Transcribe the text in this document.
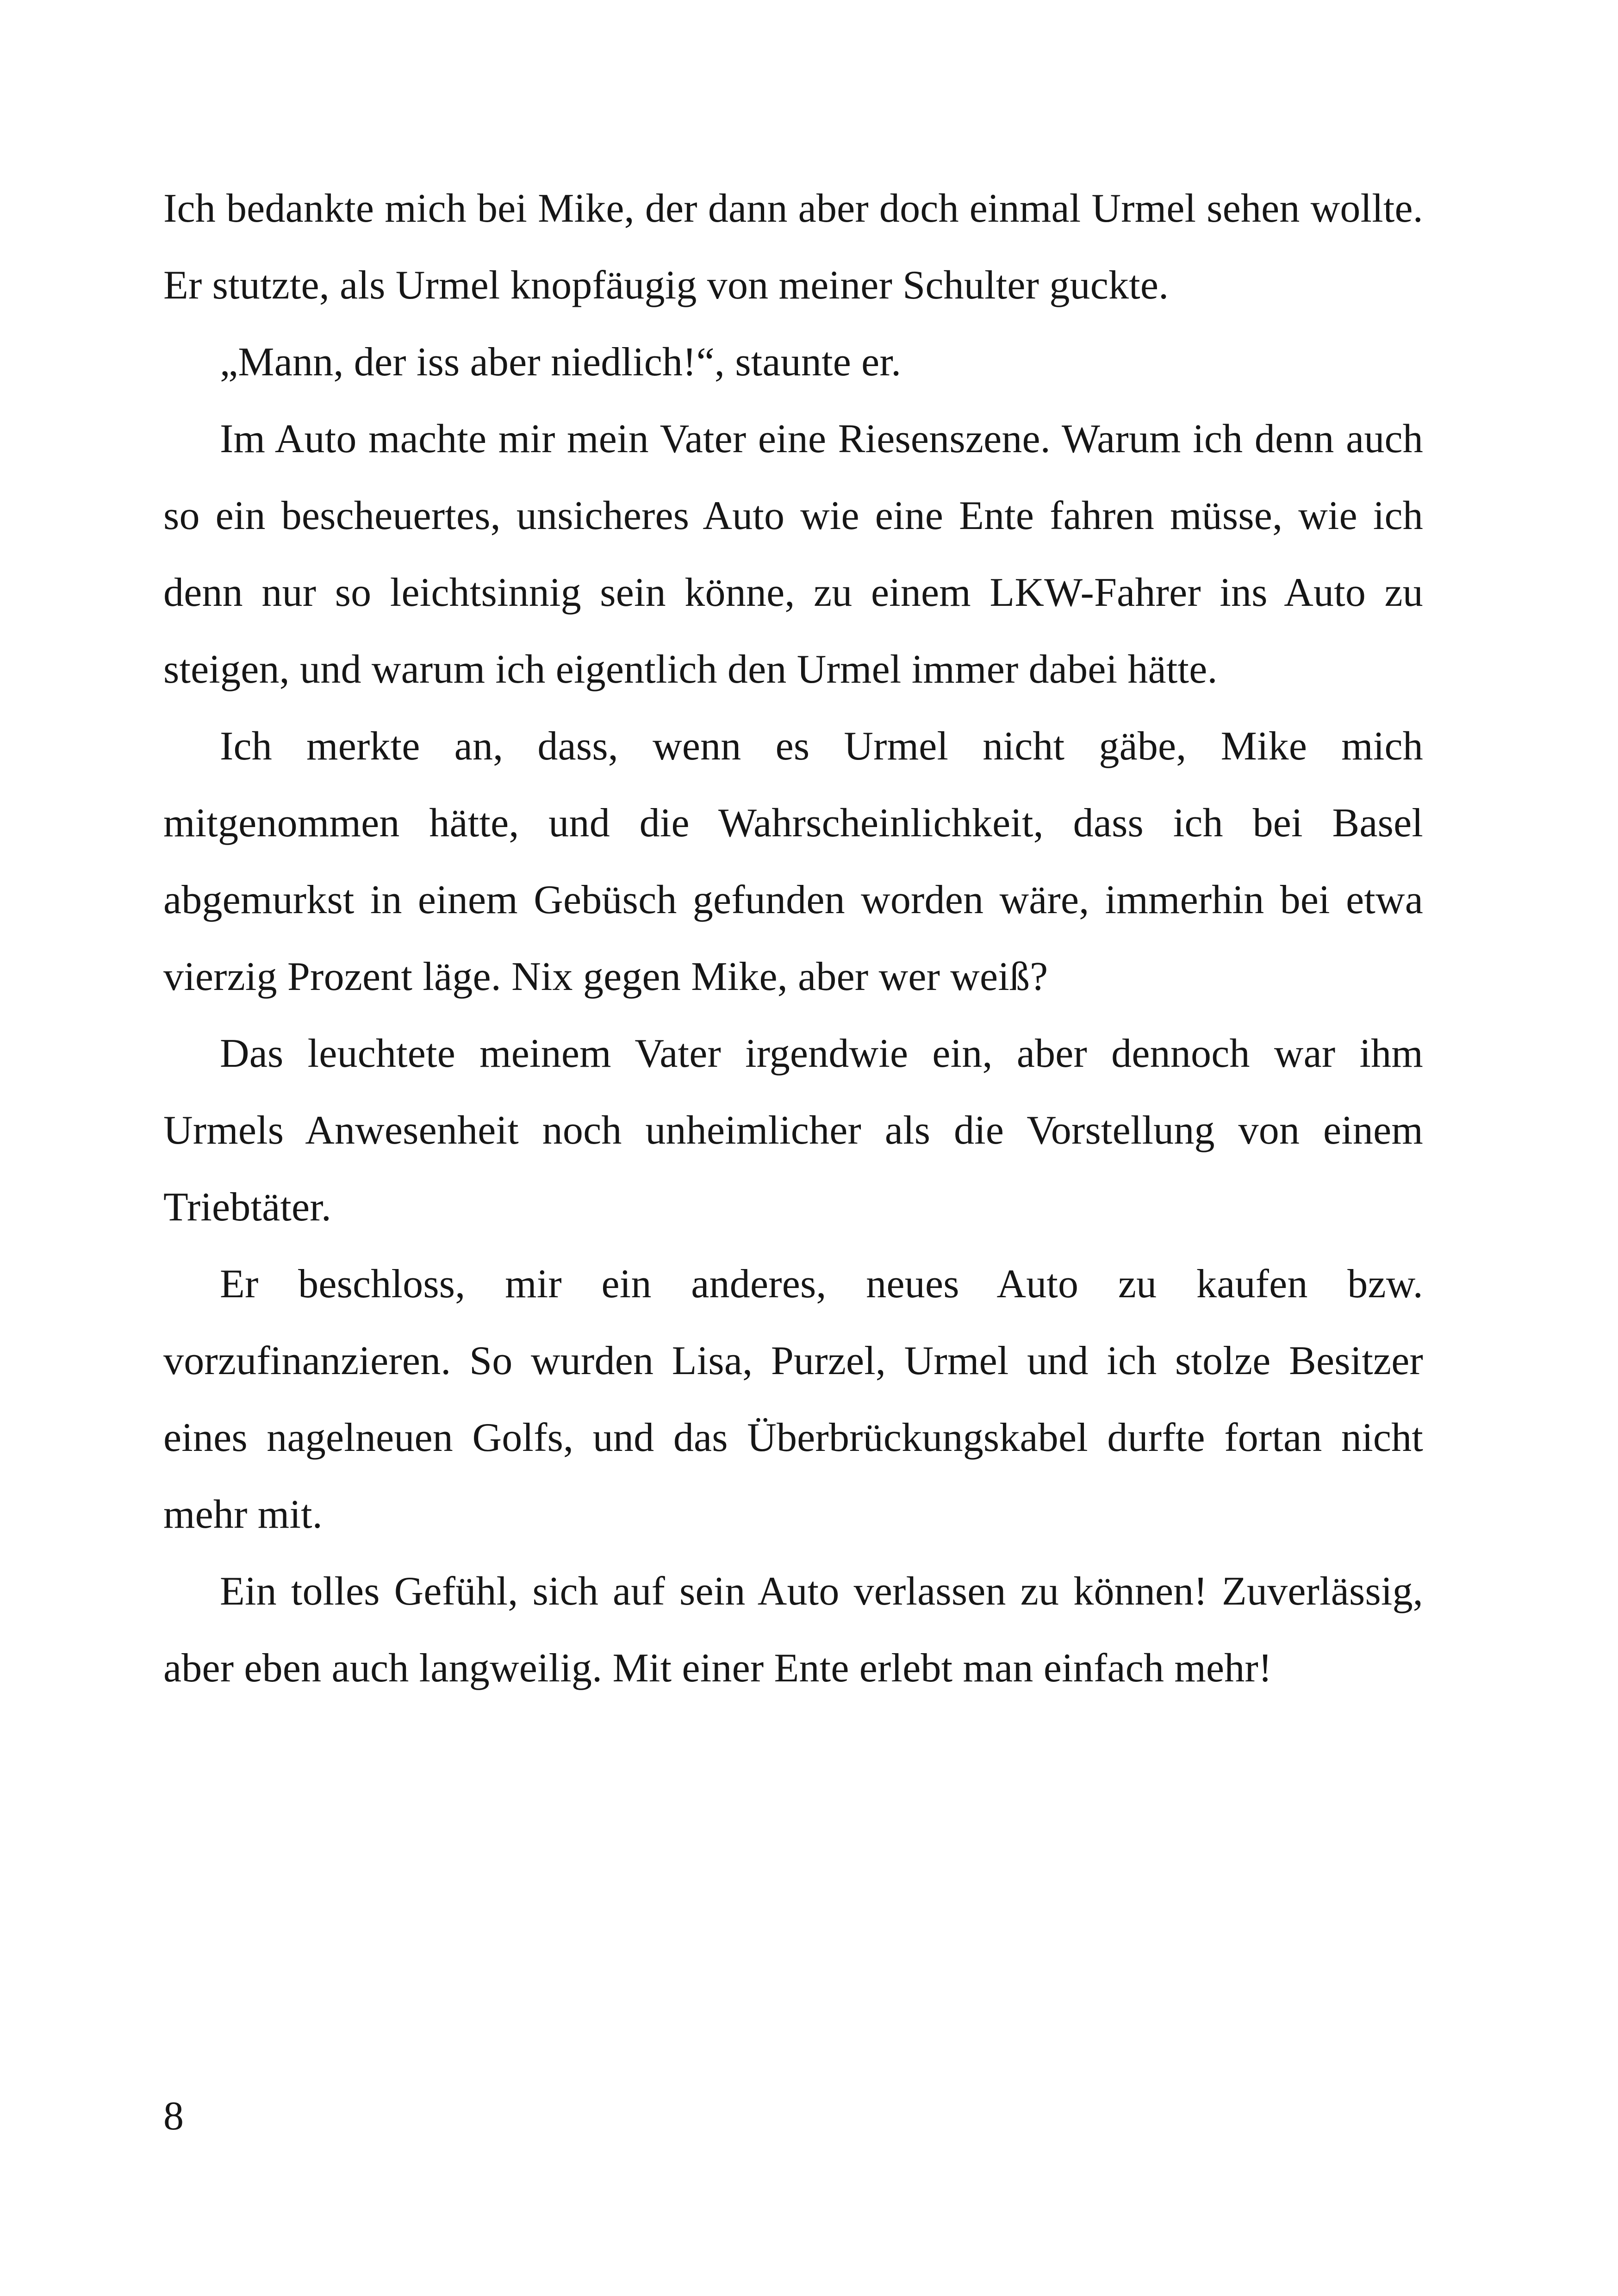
Ich bedankte mich bei Mike, der dann aber doch einmal Urmel sehen wollte. Er stutzte, als Urmel knopfäugig von meiner Schulter guckte.

„Mann, der iss aber niedlich!“, staunte er.

Im Auto machte mir mein Vater eine Riesenszene. Warum ich denn auch so ein bescheuertes, unsicheres Auto wie eine Ente fahren müsse, wie ich denn nur so leichtsinnig sein könne, zu einem LKW-Fahrer ins Auto zu steigen, und warum ich eigentlich den Urmel immer dabei hätte.

Ich merkte an, dass, wenn es Urmel nicht gäbe, Mike mich mitgenommen hätte, und die Wahrscheinlichkeit, dass ich bei Basel abgemurkst in einem Gebüsch gefunden worden wäre, immerhin bei etwa vierzig Prozent läge. Nix gegen Mike, aber wer weiß?

Das leuchtete meinem Vater irgendwie ein, aber dennoch war ihm Urmels Anwesenheit noch unheimlicher als die Vorstellung von einem Triebtäter.

Er beschloss, mir ein anderes, neues Auto zu kaufen bzw. vorzufinanzieren. So wurden Lisa, Purzel, Urmel und ich stolze Besitzer eines nagelneuen Golfs, und das Überbrückungskabel durfte fortan nicht mehr mit.

Ein tolles Gefühl, sich auf sein Auto verlassen zu können! Zuverlässig, aber eben auch langweilig. Mit einer Ente erlebt man einfach mehr!

8
